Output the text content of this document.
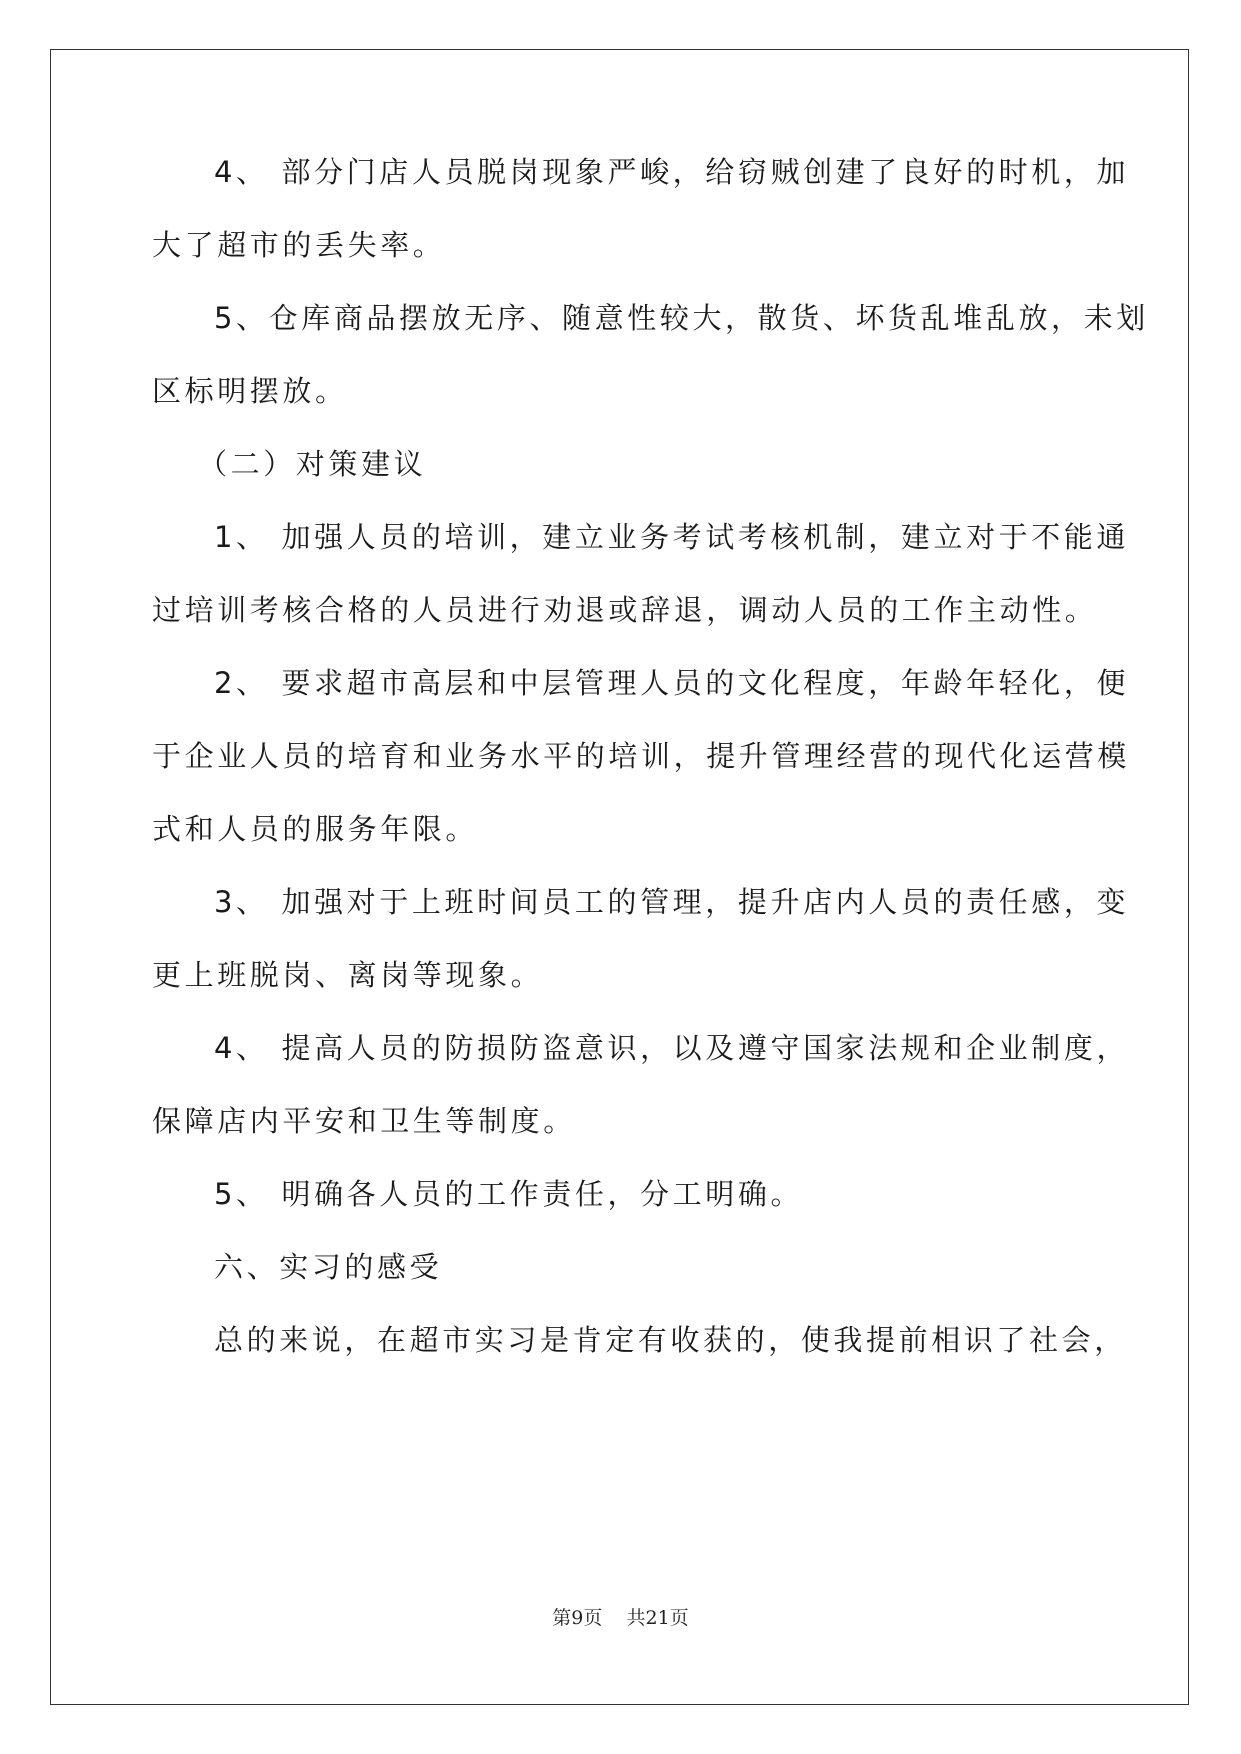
4、 部分门店人员脱岗现象严峻，给窃贼创建了良好的时机，加

大了超市的丢失率。

5、仓库商品摆放无序、随意性较大，散货、坏货乱堆乱放，未划

区标明摆放。

（二）对策建议

1、 加强人员的培训，建立业务考试考核机制，建立对于不能通

过培训考核合格的人员进行劝退或辞退，调动人员的工作主动性。

2、 要求超市高层和中层管理人员的文化程度，年龄年轻化，便

于企业人员的培育和业务水平的培训，提升管理经营的现代化运营模

式和人员的服务年限。

3、 加强对于上班时间员工的管理，提升店内人员的责任感，变

更上班脱岗、离岗等现象。

4、 提高人员的防损防盗意识，以及遵守国家法规和企业制度，

保障店内平安和卫生等制度。

5、 明确各人员的工作责任，分工明确。

六、实习的感受

总的来说，在超市实习是肯定有收获的，使我提前相识了社会，

第9页 共21页
